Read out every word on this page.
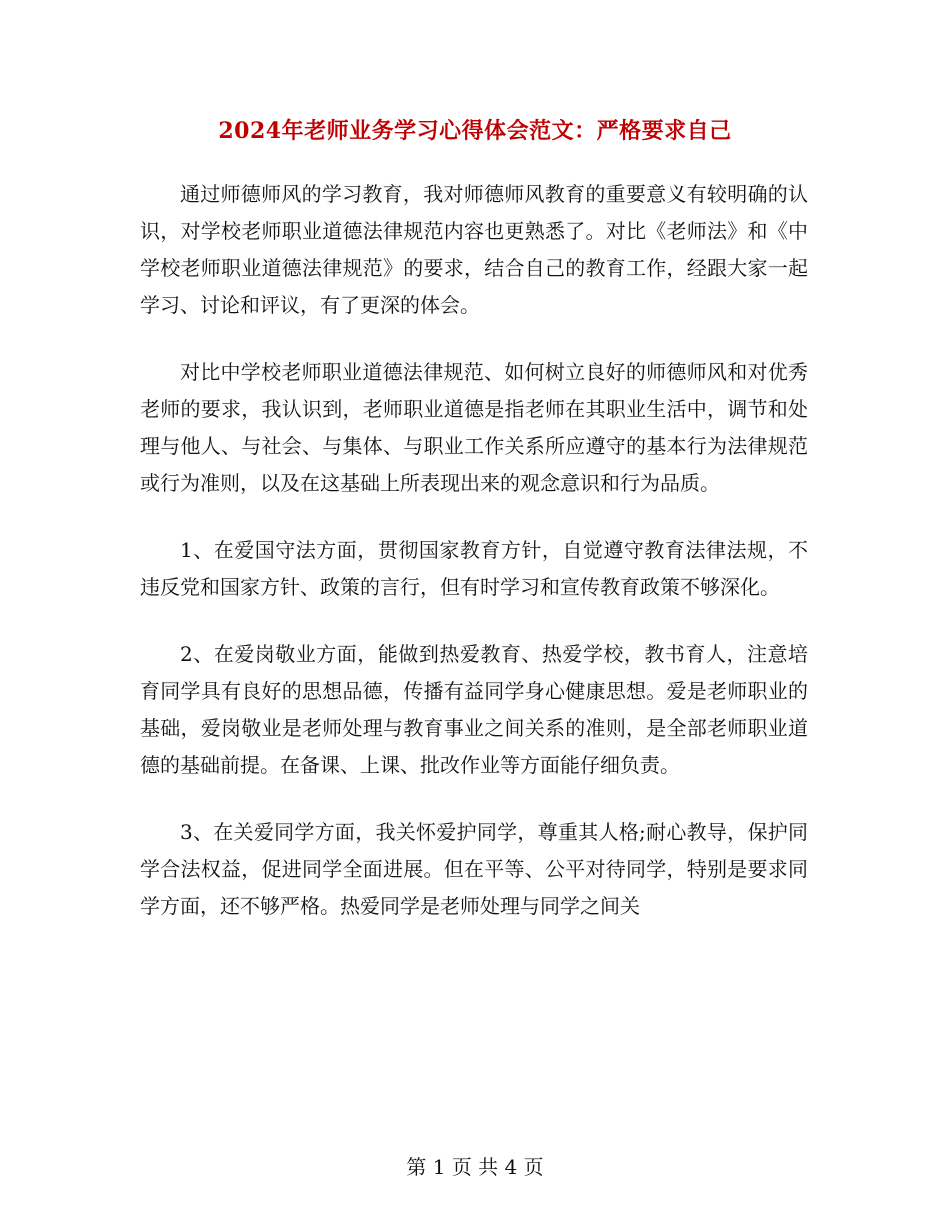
2024年老师业务学习心得体会范文：严格要求自己

通过师德师风的学习教育，我对师德师风教育的重要意义有较明确的认识，对学校老师职业道德法律规范内容也更熟悉了。对比《老师法》和《中学校老师职业道德法律规范》的要求，结合自己的教育工作，经跟大家一起学习、讨论和评议，有了更深的体会。

对比中学校老师职业道德法律规范、如何树立良好的师德师风和对优秀老师的要求，我认识到，老师职业道德是指老师在其职业生活中，调节和处理与他人、与社会、与集体、与职业工作关系所应遵守的基本行为法律规范或行为准则，以及在这基础上所表现出来的观念意识和行为品质。

1、在爱国守法方面，贯彻国家教育方针，自觉遵守教育法律法规，不违反党和国家方针、政策的言行，但有时学习和宣传教育政策不够深化。

2、在爱岗敬业方面，能做到热爱教育、热爱学校，教书育人，注意培育同学具有良好的思想品德，传播有益同学身心健康思想。爱是老师职业的基础，爱岗敬业是老师处理与教育事业之间关系的准则，是全部老师职业道德的基础前提。在备课、上课、批改作业等方面能仔细负责。

3、在关爱同学方面，我关怀爱护同学，尊重其人格;耐心教导，保护同学合法权益，促进同学全面进展。但在平等、公平对待同学，特别是要求同学方面，还不够严格。热爱同学是老师处理与同学之间关

第 1 页 共 4 页
